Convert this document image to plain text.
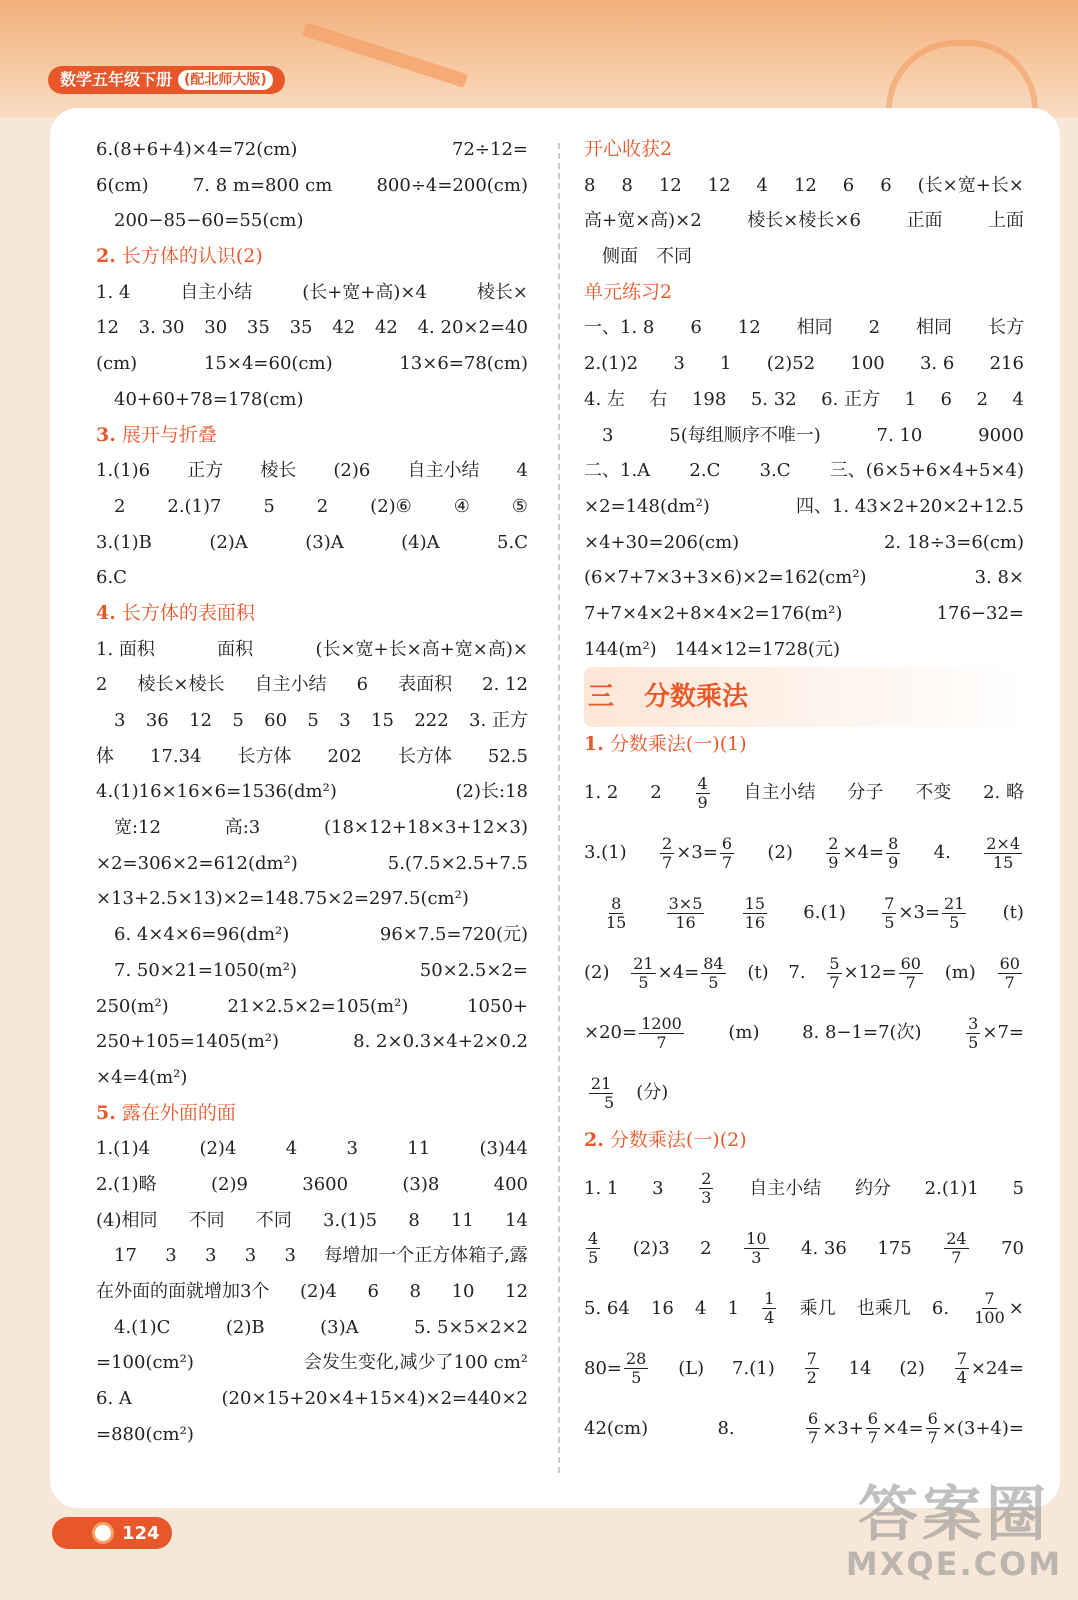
数学五年级下册 (配北师大版)
6.(8+6+4)×4=72(cm)	72÷12=
6(cm) 7. 8 m=800 cm 800÷4=200(cm)
200−85−60=55(cm)
2. 长方体的认识(2)
1. 4	自主小结	(长+宽+高)×4	棱长×
12 3. 30 30 35 35 42 42 4. 20×2=40
(cm)	15×4=60(cm)	13×6=78(cm)
40+60+78=178(cm)
3. 展开与折叠
1.(1)6 正方 棱长 (2)6 自主小结 4
2 2.(1)7 5 2 (2)⑥ ④ ⑤
3.(1)B	(2)A	(3)A	(4)A	5.C
6.C
4. 长方体的表面积
1. 面积	面积	(长×宽+长×高+宽×高)×
2 棱长×棱长 自主小结 6 表面积 2. 12
3 36 12 5 60 5 3 15 222 3. 正方
体 17.34 长方体 202 长方体 52.5
4.(1)16×16×6=1536(dm²)	(2)长:18
宽:12	高:3	(18×12+18×3+12×3)
×2=306×2=612(dm²)	5.(7.5×2.5+7.5
×13+2.5×13)×2=148.75×2=297.5(cm²)
6. 4×4×6=96(dm²)	96×7.5=720(元)
7. 50×21=1050(m²)	50×2.5×2=
250(m²)	21×2.5×2=105(m²)	1050+
250+105=1405(m²)	8. 2×0.3×4+2×0.2
×4=4(m²)
5. 露在外面的面
1.(1)4	(2)4	4	3	11	(3)44
2.(1)略	(2)9	3600	(3)8	400
(4)相同 不同 不同 3.(1)5 8 11 14
17 3 3 3 3 每增加一个正方体箱子,露
在外面的面就增加3个 (2)4 6 8 10 12
4.(1)C	(2)B	(3)A	5. 5×5×2×2
=100(cm²)	会发生变化,减少了100 cm²
6. A	(20×15+20×4+15×4)×2=440×2
=880(cm²)
开心收获2
8 8 12 12 4 12 6 6 (长×宽+长×
高+宽×高)×2	棱长×棱长×6	正面	上面
侧面 不同
单元练习2
一、1. 8 6 12 相同 2 相同 长方
2.(1)2 3 1 (2)52 100 3. 6 216
4. 左 右 198 5. 32 6. 正方 1 6 2 4
3	5(每组顺序不唯一)	7. 10	9000
二、1.A 2.C 3.C 三、(6×5+6×4+5×4)
×2=148(dm²)	四、1. 43×2+20×2+12.5
×4+30=206(cm)	2. 18÷3=6(cm)
(6×7+7×3+3×6)×2=162(cm²)	3. 8×
7+7×4×2+8×4×2=176(m²)	176−32=
144(m²) 144×12=1728(元)
三 分数乘法
1. 分数乘法(一)(1)
1. 2 $2 \frac{4}{9}$ 自主小结 分子 不变 2. 略
$3.(1) \frac{2}{7} \times 3= \frac{6}{7} (2) \frac{2}{9} \times 4= \frac{8}{9} 4$. $\frac{2\times 4}{15}$
$\frac{8}{15} \frac{3\times 5}{16} \frac{15}{16} 6.(1) \frac{7}{5} \times 3= \frac{21}{5} (t)$
$(2) \frac{21}{5} \times 4= \frac{84}{5} (t)$ 7. $\frac{5}{7} \times 12= \frac{60}{7} (m) \frac{60}{7}$
$\times 20= \frac{1200}{7} (m)$ 8. 8−1=7(次)	$\frac{3}{5} \times 7=$
$\frac{21}{5}$ (分)
2. 分数乘法(一)(2)
1. 1 $3 \frac{2}{3}$ 自主小结 约分 2.(1)1 5
$\frac{4}{5} (2)3$ $2 \frac{10}{3} 4$. 36 $175 \frac{24}{7} 70$
5. 64 16 4 $1 \frac{1}{4}$ 乘几 也乘几 6. $\frac{7}{100}$ ×
$80= \frac{28}{5} (L)$ $7.(1) \frac{7}{2} 14$ $(2) \frac{7}{4} \times 24=$
42(cm)	8.	$\frac{6}{7} \times 3+ \frac{6}{7} \times 4= \frac{6}{7} \times(3+4)=$
124	答案圈
MXQE.COM
